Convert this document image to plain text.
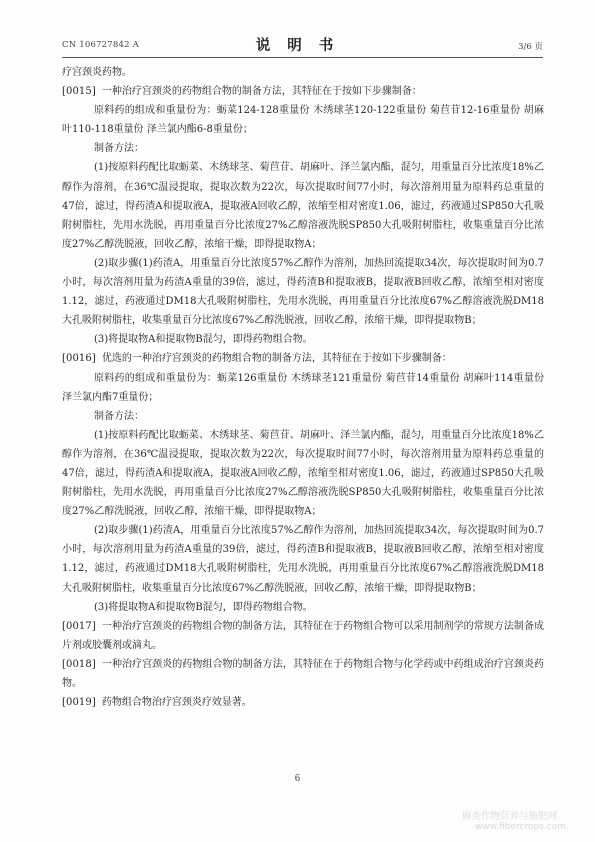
CN 106727842 A	说 明 书	3/6 页

疗宫颈炎药物。

[0015] 一种治疗宫颈炎的药物组合物的制备方法，其特征在于按如下步骤制备：

原料药的组成和重量份为：蛎菜124-128重量份 木绣球茎120-122重量份 菊苣苷12-16重量份 胡麻叶110-118重量份 泽兰氯内酯6-8重量份；

制备方法：

(1)按原料药配比取蛎菜、木绣球茎、菊苣苷、胡麻叶、泽兰氯内酯，混匀，用重量百分比浓度18%乙醇作为溶剂，在36℃温浸提取，提取次数为22次，每次提取时间77小时，每次溶剂用量为原料药总重量的47倍，滤过，得药渣A和提取液A，提取液A回收乙醇，浓缩至相对密度1.06，滤过，药液通过SP850大孔吸附树脂柱，先用水洗脱，再用重量百分比浓度27%乙醇溶液洗脱SP850大孔吸附树脂柱，收集重量百分比浓度27%乙醇洗脱液，回收乙醇，浓缩干燥，即得提取物A；

(2)取步骤(1)药渣A，用重量百分比浓度57%乙醇作为溶剂，加热回流提取34次，每次提取时间为0.7小时，每次溶剂用量为药渣A重量的39倍，滤过，得药渣B和提取液B，提取液B回收乙醇，浓缩至相对密度1.12，滤过，药液通过DM18大孔吸附树脂柱，先用水洗脱，再用重量百分比浓度67%乙醇溶液洗脱DM18大孔吸附树脂柱，收集重量百分比浓度67%乙醇洗脱液，回收乙醇，浓缩干燥，即得提取物B；

(3)将提取物A和提取物B混匀，即得药物组合物。

[0016] 优选的一种治疗宫颈炎的药物组合物的制备方法，其特征在于按如下步骤制备：

原料药的组成和重量份为：蛎菜126重量份 木绣球茎121重量份 菊苣苷14重量份 胡麻叶114重量份 泽兰氯内酯7重量份；

制备方法：

(1)按原料药配比取蛎菜、木绣球茎、菊苣苷、胡麻叶、泽兰氯内酯，混匀，用重量百分比浓度18%乙醇作为溶剂，在36℃温浸提取，提取次数为22次，每次提取时间77小时，每次溶剂用量为原料药总重量的47倍，滤过，得药渣A和提取液A，提取液A回收乙醇，浓缩至相对密度1.06，滤过，药液通过SP850大孔吸附树脂柱，先用水洗脱，再用重量百分比浓度27%乙醇溶液洗脱SP850大孔吸附树脂柱，收集重量百分比浓度27%乙醇洗脱液，回收乙醇，浓缩干燥，即得提取物A；

(2)取步骤(1)药渣A，用重量百分比浓度57%乙醇作为溶剂，加热回流提取34次，每次提取时间为0.7小时，每次溶剂用量为药渣A重量的39倍，滤过，得药渣B和提取液B，提取液B回收乙醇，浓缩至相对密度1.12，滤过，药液通过DM18大孔吸附树脂柱，先用水洗脱，再用重量百分比浓度67%乙醇溶液洗脱DM18大孔吸附树脂柱，收集重量百分比浓度67%乙醇洗脱液，回收乙醇，浓缩干燥，即得提取物B；

(3)将提取物A和提取物B混匀，即得药物组合物。

[0017] 一种治疗宫颈炎的药物组合物的制备方法，其特征在于药物组合物可以采用制剂学的常规方法制备成片剂或胶囊剂或滴丸。

[0018] 一种治疗宫颈炎的药物组合物的制备方法，其特征在于药物组合物与化学药或中药组成治疗宫颈炎药物。

[0019] 药物组合物治疗宫颈炎疗效显著。

6
麻类作物营养与施肥网
www.fibercrops.com
